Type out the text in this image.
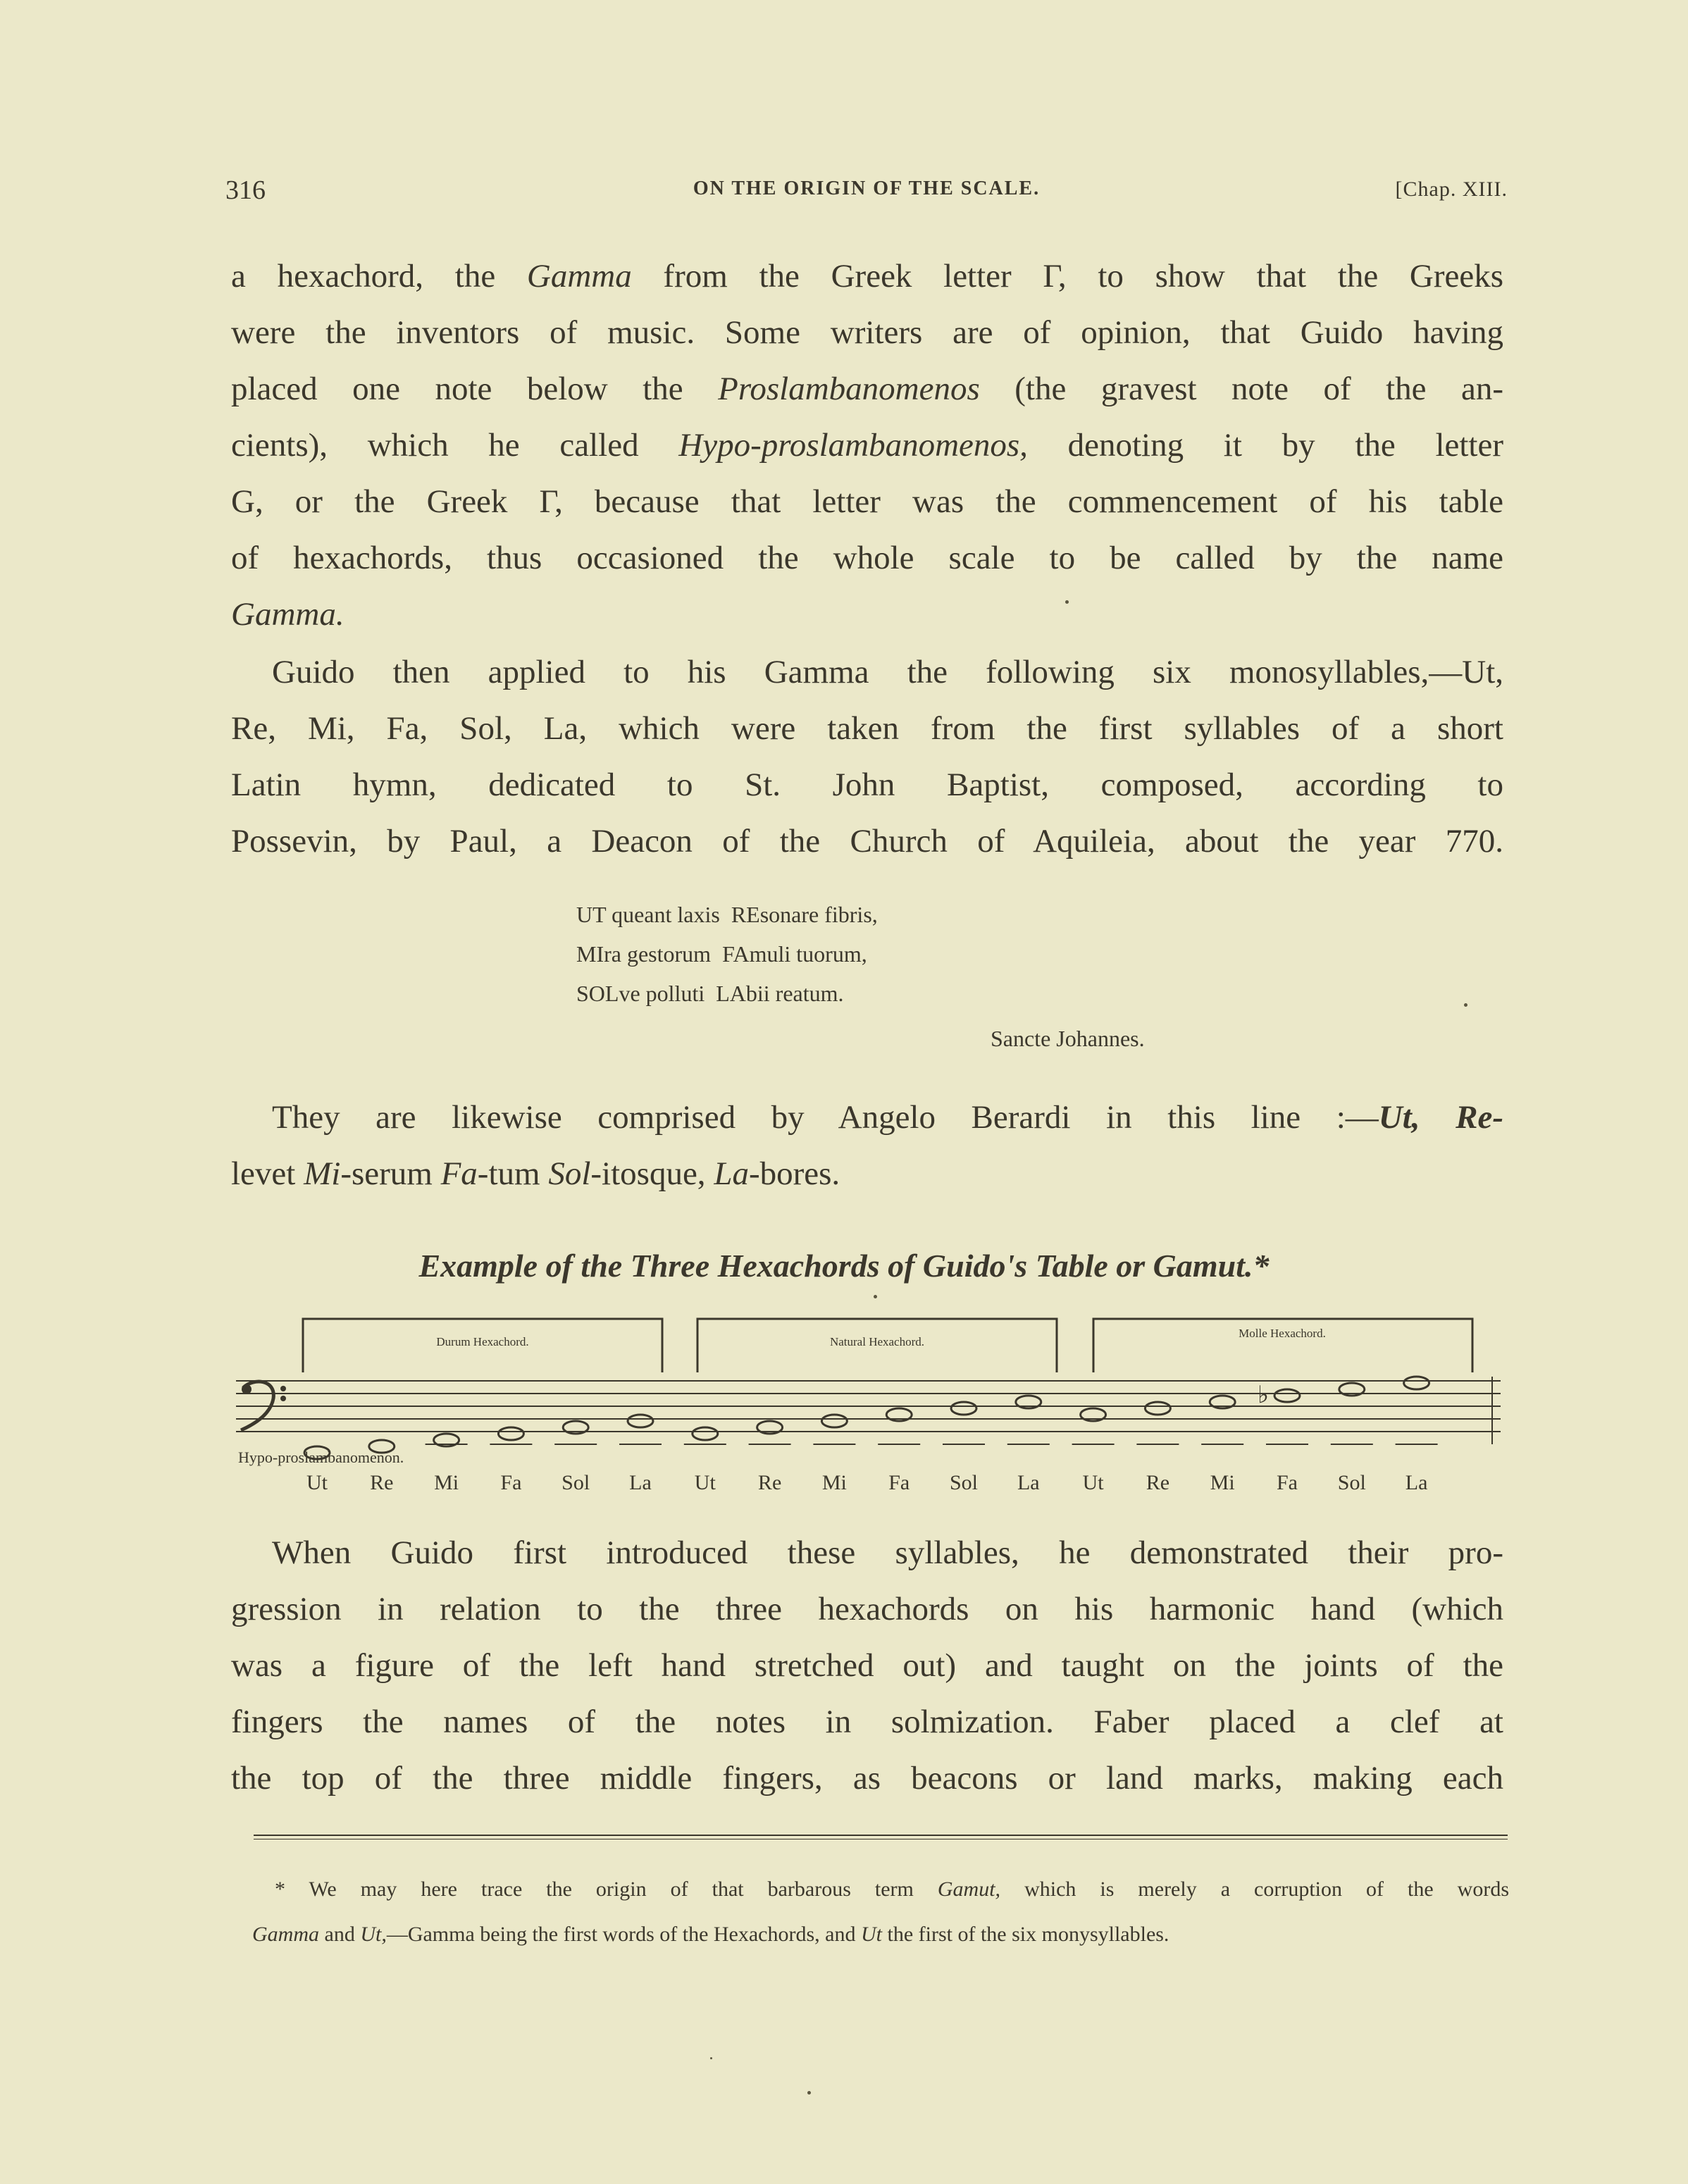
316	ON THE ORIGIN OF THE SCALE.	[Chap. XIII.
a hexachord, the Gamma from the Greek letter Γ, to show that the Greeks
were the inventors of music. Some writers are of opinion, that Guido having
placed one note below the Proslambanomenos (the gravest note of the an-
cients), which he called Hypo-proslambanomenos, denoting it by the letter
G, or the Greek Γ, because that letter was the commencement of his table
of hexachords, thus occasioned the whole scale to be called by the name
Gamma.
Guido then applied to his Gamma the following six monosyllables,—Ut,
Re, Mi, Fa, Sol, La, which were taken from the first syllables of a short
Latin hymn, dedicated to St. John Baptist, composed, according to
Possevin, by Paul, a Deacon of the Church of Aquileia, about the year 770.
UT queant laxis  REsonare fibris,
MIra gestorum  FAmuli tuorum,
SOLve polluti  LAbii reatum.
Sancte Johannes.
They are likewise comprised by Angelo Berardi in this line :—Ut, Re-
levet Mi-serum Fa-tum Sol-itosque, La-bores.
Example of the Three Hexachords of Guido's Table or Gamut.*
Durum Hexachord.	Natural Hexachord.
Molle Hexachord.
♭
Hypo-proslambanomenon.
Ut Re Mi Fa Sol La Ut Re Mi Fa Sol La Ut Re Mi Fa Sol La
When Guido first introduced these syllables, he demonstrated their pro-
gression in relation to the three hexachords on his harmonic hand (which
was a figure of the left hand stretched out) and taught on the joints of the
fingers the names of the notes in solmization. Faber placed a clef at
the top of the three middle fingers, as beacons or land marks, making each
* We may here trace the origin of that barbarous term Gamut, which is merely a corruption of the words
Gamma and Ut,—Gamma being the first words of the Hexachords, and Ut the first of the six monysyllables.
